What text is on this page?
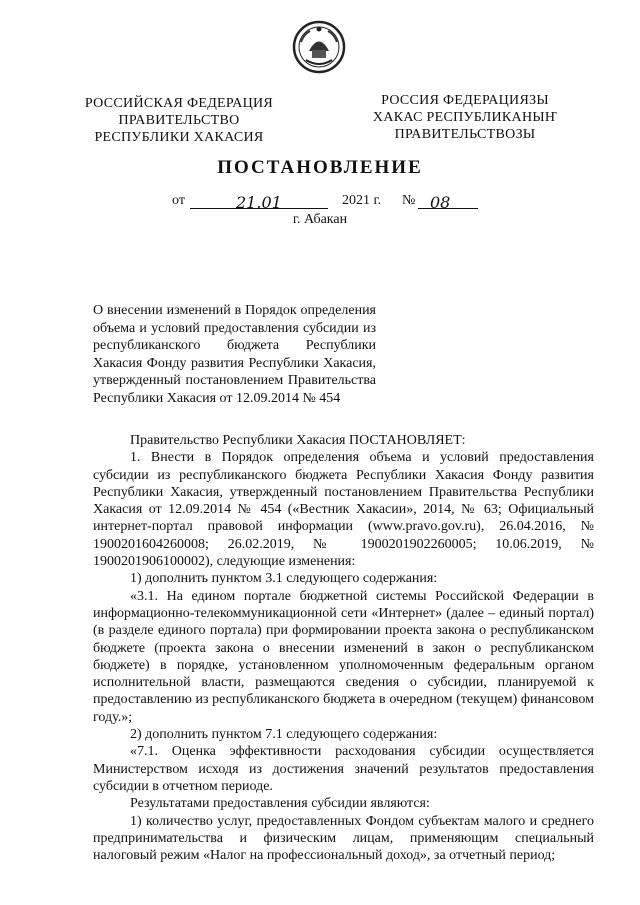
РОССИЙСКАЯ ФЕДЕРАЦИЯ
ПРАВИТЕЛЬСТВО
РЕСПУБЛИКИ ХАКАСИЯ
РОССИЯ ФЕДЕРАЦИЯЗЫ
ХАКАС РЕСПУБЛИКАНЫҤ
ПРАВИТЕЛЬСТВОЗЫ
ПОСТАНОВЛЕНИЕ
от	21.01	2021 г. № 08
г. Абакан
О внесении изменений в Порядок определения объема и условий предоставления субсидии из республиканского бюджета Республики Хакасия Фонду развития Республики Хакасия, утвержденный постановлением Правительства Республики Хакасия от 12.09.2014 № 454

Правительство Республики Хакасия ПОСТАНОВЛЯЕТ:

1. Внести в Порядок определения объема и условий предоставления субсидии из республиканского бюджета Республики Хакасия Фонду развития Республики Хакасия, утвержденный постановлением Правительства Республики Хакасия от 12.09.2014 № 454 («Вестник Хакасии», 2014, № 63; Официальный интернет-портал правовой информации (www.pravo.gov.ru), 26.04.2016, № 1900201604260008; 26.02.2019, № 1900201902260005; 10.06.2019, № 1900201906100002), следующие изменения:

1) дополнить пунктом 3.1 следующего содержания:

«3.1. На едином портале бюджетной системы Российской Федерации в информационно-телекоммуникационной сети «Интернет» (далее – единый портал) (в разделе единого портала) при формировании проекта закона о республиканском бюджете (проекта закона о внесении изменений в закон о республиканском бюджете) в порядке, установленном уполномоченным федеральным органом исполнительной власти, размещаются сведения о субсидии, планируемой к предоставлению из республиканского бюджета в очередном (текущем) финансовом году.»;

2) дополнить пунктом 7.1 следующего содержания:

«7.1. Оценка эффективности расходования субсидии осуществляется Министерством исходя из достижения значений результатов предоставления субсидии в отчетном периоде.

Результатами предоставления субсидии являются:

1) количество услуг, предоставленных Фондом субъектам малого и среднего предпринимательства и физическим лицам, применяющим специальный налоговый режим «Налог на профессиональный доход», за отчетный период;
